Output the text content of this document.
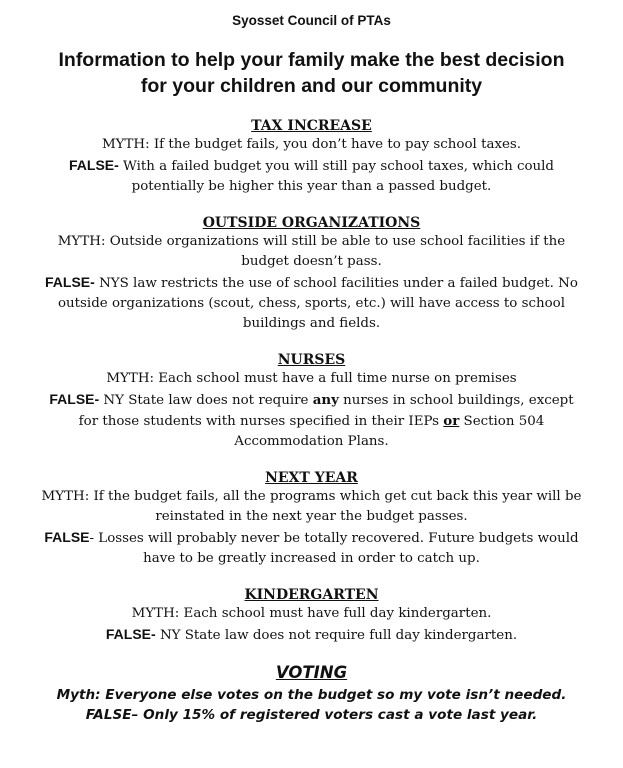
Syosset Council of PTAs
Information to help your family make the best decision
for your children and our community

TAX INCREASE

MYTH: If the budget fails, you don’t have to pay school taxes.

FALSE- With a failed budget you will still pay school taxes, which could

potentially be higher this year than a passed budget.

OUTSIDE ORGANIZATIONS

MYTH: Outside organizations will still be able to use school facilities if the

budget doesn’t pass.

FALSE- NYS law restricts the use of school facilities under a failed budget. No

outside organizations (scout, chess, sports, etc.) will have access to school

buildings and fields.

NURSES

MYTH: Each school must have a full time nurse on premises

FALSE- NY State law does not require any nurses in school buildings, except

for those students with nurses specified in their IEPs or Section 504

Accommodation Plans.

NEXT YEAR

MYTH: If the budget fails, all the programs which get cut back this year will be

reinstated in the next year the budget passes.

FALSE- Losses will probably never be totally recovered. Future budgets would

have to be greatly increased in order to catch up.

KINDERGARTEN

MYTH: Each school must have full day kindergarten.

FALSE- NY State law does not require full day kindergarten.

VOTING

Myth: Everyone else votes on the budget so my vote isn’t needed.

FALSE– Only 15% of registered voters cast a vote last year.
